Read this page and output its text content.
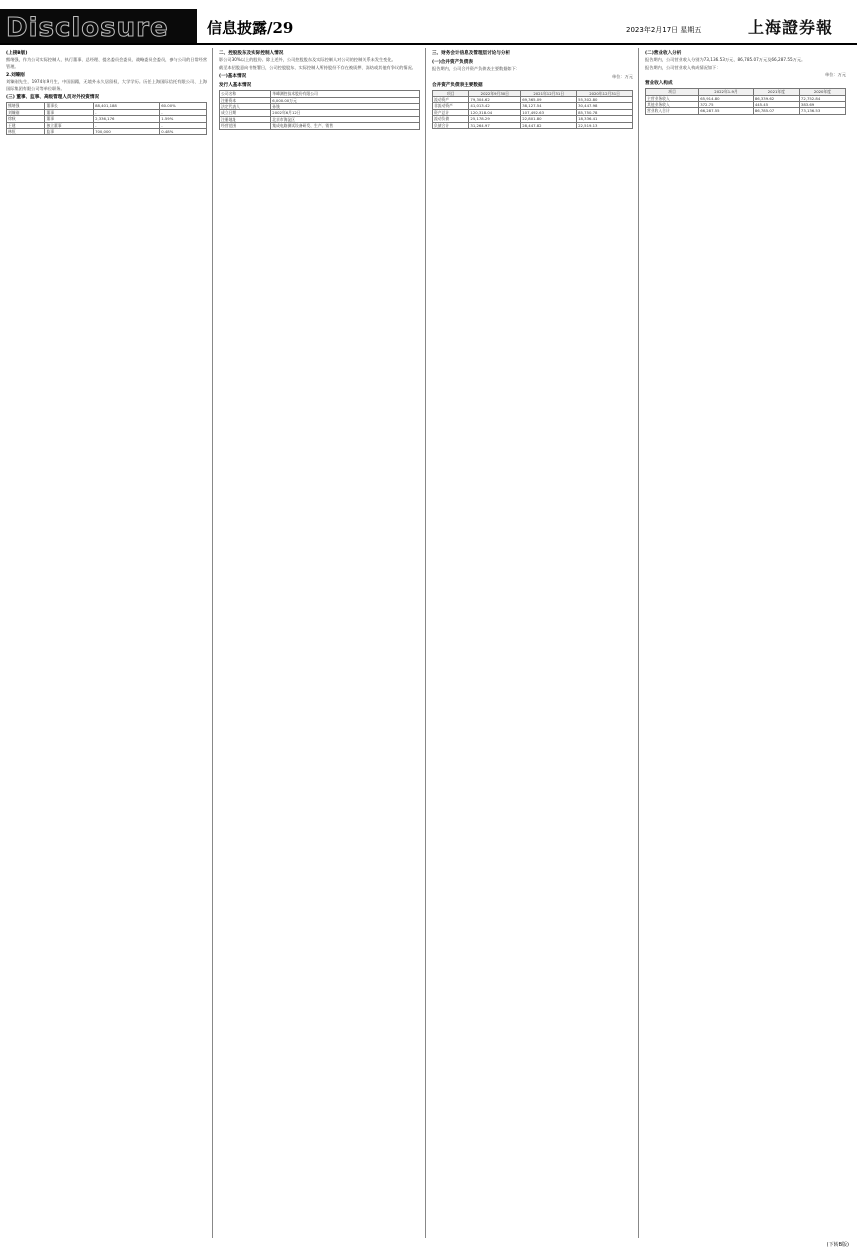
Disclosure	信息披露/29	2023年2月17日 星期五	上海證券報
(上接B版)

熊绪强，作为公司实际控制人、执行董事、总经理、提名委员会委员、战略委员会委员，参与公司的日常经营管理。

2.刘臻刚

刘臻刚先生，1974年9月生，中国国籍，无境外永久居留权，大学学历。历任上海国际信托有限公司、上海国际集团有限公司等单位职务。

(三) 董事、监事、高级管理人员对外投资情况
熊绪强	董事长	88,401,188	60.00%
刘臻刚	董事	-	-
徐秋	董事	2,336,176	1.59%
王建	独立董事	-	-
林恒	监事	700,000	0.48%
二、控股股东及实际控制人情况

影公司30%以上的股份。除上述外，公司控股股东及实际控制人对公司的控制关系未发生变化。

截至本招股意向书签署日，公司控股股东、实际控制人所持股份不存在被质押、冻结或其他有争议的情况。

(一)基本情况
发行人基本情况
公司名称	华峰测控技术股份有限公司
注册资本	6,000.00万元
法定代表人	孙铣
成立日期	2002年6月12日
注册地址	北京市海淀区
经营范围	集成电路测试设备研发、生产、销售
三、财务会计信息及管理层讨论与分析
(一)合并资产负债表

报告期内，公司合并资产负债表主要数据如下：

单位：万元
合并资产负债表主要数据
项目	2022年9月30日	2021年12月31日	2020年12月31日
流动资产	79,304.62	69,365.09	55,302.80
非流动资产	41,013.42	38,127.54	30,447.98
资产总计	120,318.04	107,492.63	85,750.78
流动负债	25,178.29	22,801.80	18,336.41
负债合计	31,264.97	28,447.82	22,519.13
(二)营业收入分析

报告期内，公司营业收入分别为73,136.53万元、86,785.07万元及66,287.55万元。

报告期内，公司营业收入构成情况如下：

单位：万元
营业收入构成
项目	2022年1-9月	2021年度	2020年度
主营业务收入	65,914.80	86,339.62	72,752.84
其他业务收入	372.75	445.45	383.69
营业收入合计	66,287.55	86,785.07	73,136.53
(下转B版)
